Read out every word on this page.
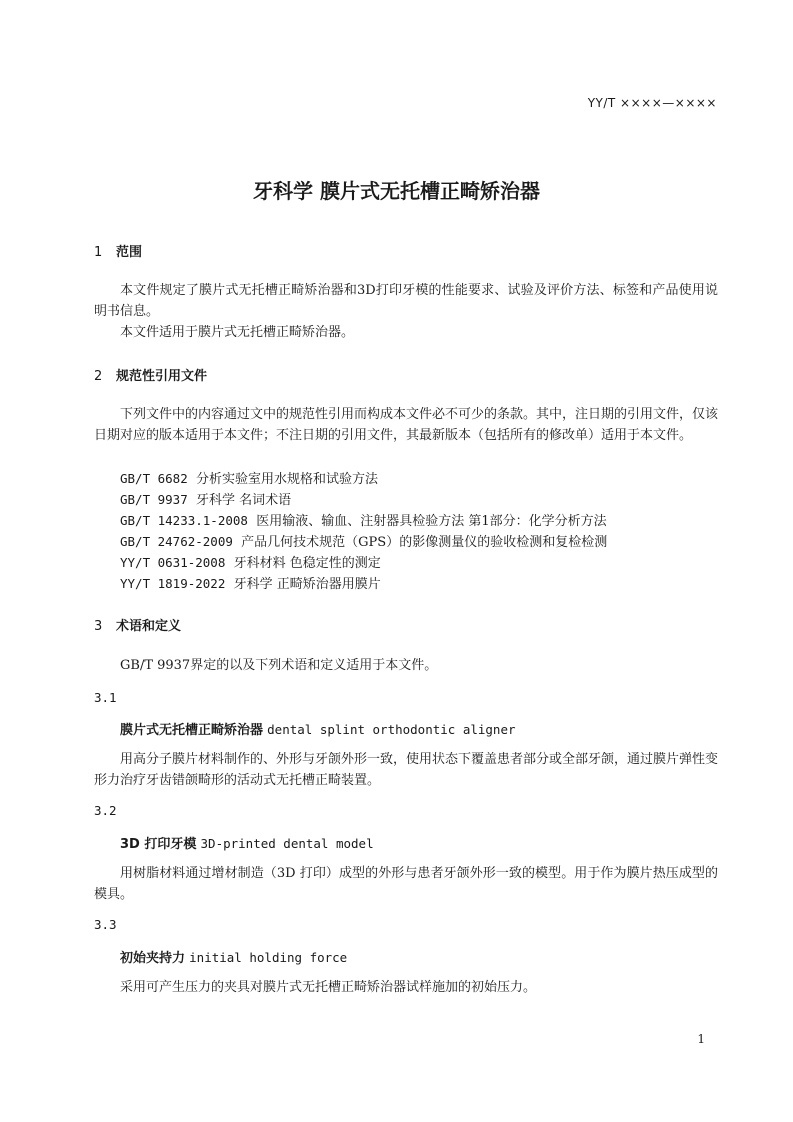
YY/T ××××—××××
牙科学 膜片式无托槽正畸矫治器
1 范围
本文件规定了膜片式无托槽正畸矫治器和3D打印牙模的性能要求、试验及评价方法、标签和产品使用说明书信息。
本文件适用于膜片式无托槽正畸矫治器。
2 规范性引用文件
下列文件中的内容通过文中的规范性引用而构成本文件必不可少的条款。其中，注日期的引用文件，仅该日期对应的版本适用于本文件；不注日期的引用文件，其最新版本（包括所有的修改单）适用于本文件。
GB/T 6682 分析实验室用水规格和试验方法
GB/T 9937 牙科学 名词术语
GB/T 14233.1-2008 医用输液、输血、注射器具检验方法 第1部分：化学分析方法
GB/T 24762-2009 产品几何技术规范（GPS）的影像测量仪的验收检测和复检检测
YY/T 0631-2008 牙科材料 色稳定性的测定
YY/T 1819-2022 牙科学 正畸矫治器用膜片
3 术语和定义
GB/T 9937界定的以及下列术语和定义适用于本文件。
3.1
膜片式无托槽正畸矫治器 dental splint orthodontic aligner
用高分子膜片材料制作的、外形与牙颌外形一致，使用状态下覆盖患者部分或全部牙颌，通过膜片弹性变形力治疗牙齿错颌畸形的活动式无托槽正畸装置。
3.2
3D 打印牙模 3D-printed dental model
用树脂材料通过增材制造（3D 打印）成型的外形与患者牙颌外形一致的模型。用于作为膜片热压成型的模具。
3.3
初始夹持力 initial holding force
采用可产生压力的夹具对膜片式无托槽正畸矫治器试样施加的初始压力。
1
